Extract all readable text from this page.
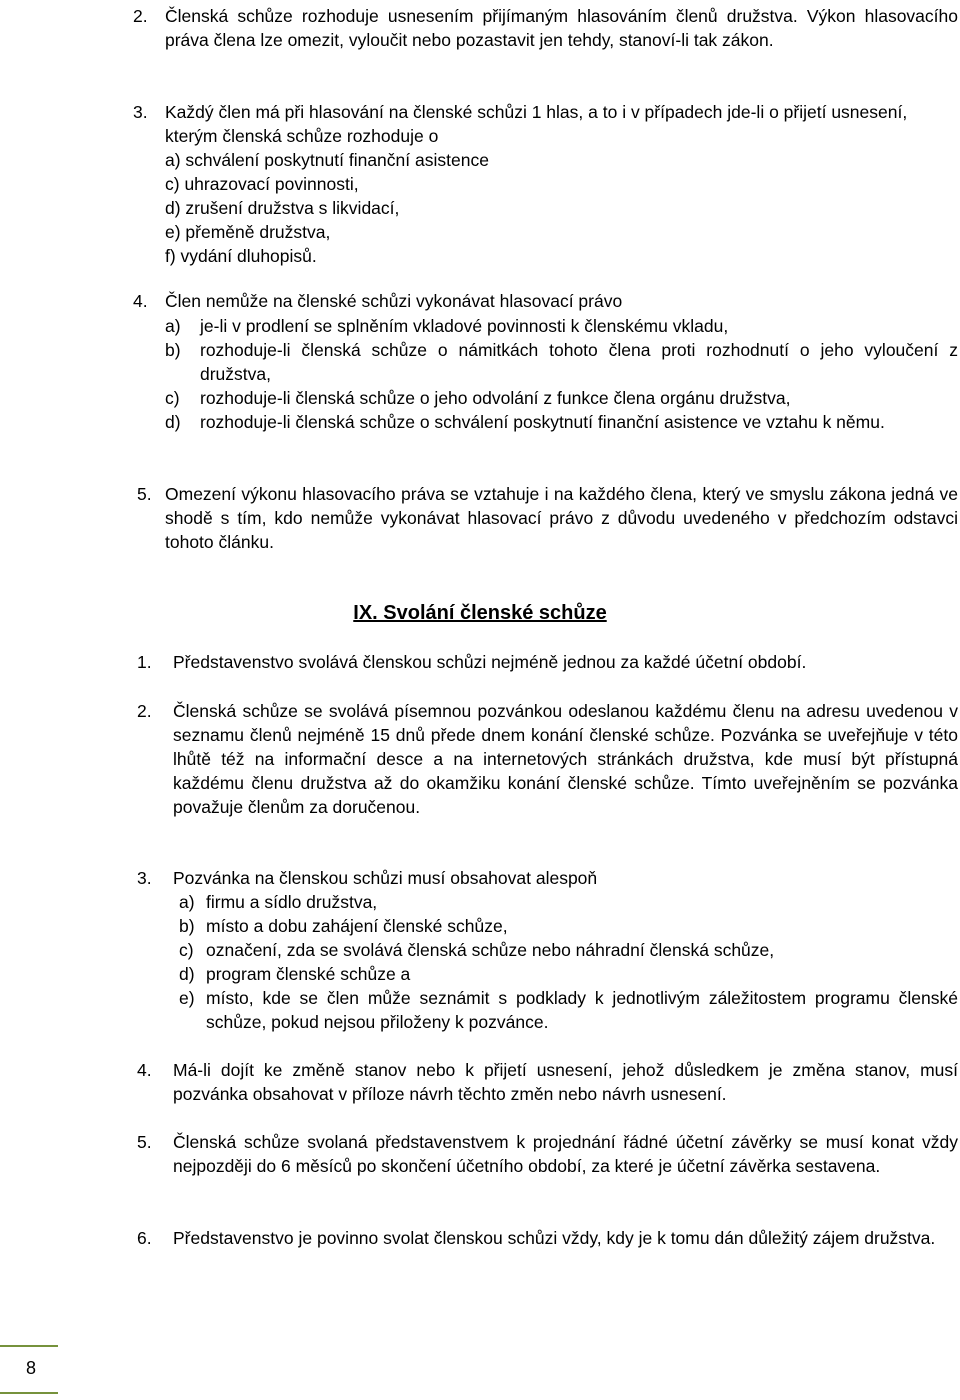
2. Členská schůze rozhoduje usnesením přijímaným hlasováním členů družstva. Výkon hlasovacího práva člena lze omezit, vyloučit nebo pozastavit jen tehdy, stanoví-li tak zákon.
3. Každý člen má při hlasování na členské schůzi 1 hlas, a to i v případech jde-li o přijetí usnesení, kterým členská schůze rozhoduje o
a) schválení poskytnutí finanční asistence
c) uhrazovací povinnosti,
d) zrušení družstva s likvidací,
e) přeměně družstva,
f) vydání dluhopisů.
4. Člen nemůže na členské schůzi vykonávat hlasovací právo
a) je-li v prodlení se splněním vkladové povinnosti k členskému vkladu,
b) rozhoduje-li členská schůze o námitkách tohoto člena proti rozhodnutí o jeho vyloučení z družstva,
c) rozhoduje-li členská schůze o jeho odvolání z funkce člena orgánu družstva,
d) rozhoduje-li členská schůze o schválení poskytnutí finanční asistence ve vztahu k němu.
5. Omezení výkonu hlasovacího práva se vztahuje i na každého člena, který ve smyslu zákona jedná ve shodě s tím, kdo nemůže vykonávat hlasovací právo z důvodu uvedeného v předchozím odstavci tohoto článku.
IX. Svolání členské schůze
1. Představenstvo svolává členskou schůzi nejméně jednou za každé účetní období.
2. Členská schůze se svolává písemnou pozvánkou odeslanou každému členu na adresu uvedenou v seznamu členů nejméně 15 dnů přede dnem konání členské schůze. Pozvánka se uveřejňuje v této lhůtě též na informační desce a na internetových stránkách družstva, kde musí být přístupná každému členu družstva až do okamžiku konání členské schůze. Tímto uveřejněním se pozvánka považuje členům za doručenou.
3. Pozvánka na členskou schůzi musí obsahovat alespoň
a) firmu a sídlo družstva,
b) místo a dobu zahájení členské schůze,
c) označení, zda se svolává členská schůze nebo náhradní členská schůze,
d) program členské schůze a
e) místo, kde se člen může seznámit s podklady k jednotlivým záležitostem programu členské schůze, pokud nejsou přiloženy k pozvánce.
4. Má-li dojít ke změně stanov nebo k přijetí usnesení, jehož důsledkem je změna stanov, musí pozvánka obsahovat v příloze návrh těchto změn nebo návrh usnesení.
5. Členská schůze svolaná představenstvem k projednání řádné účetní závěrky se musí konat vždy nejpozději do 6 měsíců po skončení účetního období, za které je účetní závěrka sestavena.
6. Představenstvo je povinno svolat členskou schůzi vždy, kdy je k tomu dán důležitý zájem družstva.
8
